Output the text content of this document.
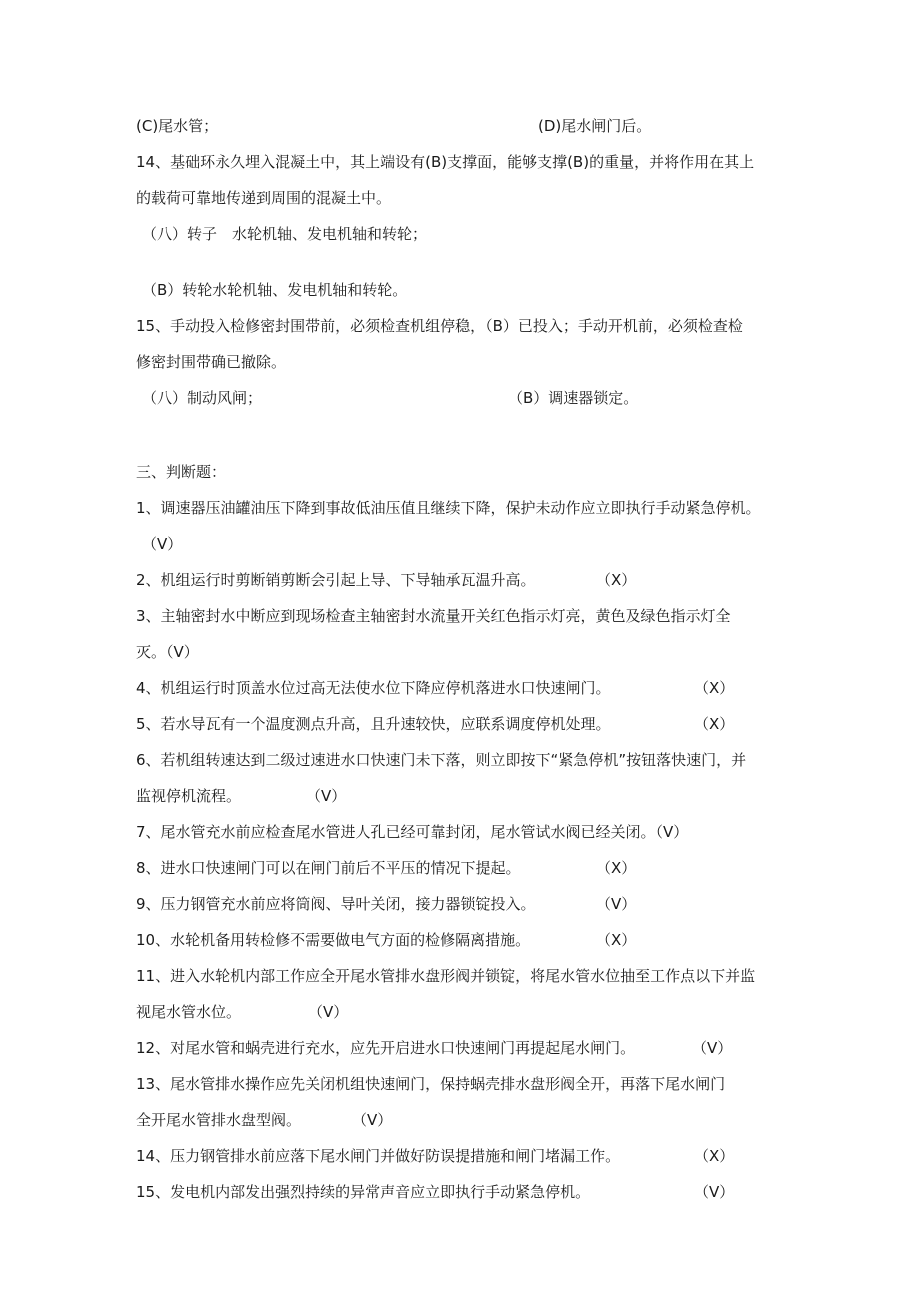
(C)尾水管；	(D)尾水闸门后。
14、基础环永久埋入混凝土中，其上端设有(B)支撑面，能够支撑(B)的重量，并将作用在其上
的载荷可靠地传递到周围的混凝土中。
（八）转子　水轮机轴、发电机轴和转轮；
（B）转轮水轮机轴、发电机轴和转轮。
15、手动投入检修密封围带前，必须检查机组停稳，（B）已投入；手动开机前，必须检查检
修密封围带确已撤除。
（八）制动风闸；	（B）调速器锁定。
三、判断题：
1、调速器压油罐油压下降到事故低油压值且继续下降，保护未动作应立即执行手动紧急停机。
（V）
2、机组运行时剪断销剪断会引起上导、下导轴承瓦温升高。	（X）
3、主轴密封水中断应到现场检查主轴密封水流量开关红色指示灯亮，黄色及绿色指示灯全
灭。（V）
4、机组运行时顶盖水位过高无法使水位下降应停机落进水口快速闸门。	（X）
5、若水导瓦有一个温度测点升高，且升速较快，应联系调度停机处理。	（X）
6、若机组转速达到二级过速进水口快速门未下落，则立即按下“紧急停机”按钮落快速门，并
监视停机流程。	（V）
7、尾水管充水前应检查尾水管进人孔已经可靠封闭，尾水管试水阀已经关闭。（V）
8、进水口快速闸门可以在闸门前后不平压的情况下提起。	（X）
9、压力钢管充水前应将筒阀、导叶关闭，接力器锁锭投入。	（V）
10、水轮机备用转检修不需要做电气方面的检修隔离措施。	（X）
11、进入水轮机内部工作应全开尾水管排水盘形阀并锁锭，将尾水管水位抽至工作点以下并监
视尾水管水位。	（V）
12、对尾水管和蜗壳进行充水，应先开启进水口快速闸门再提起尾水闸门。	（V）
13、尾水管排水操作应先关闭机组快速闸门，保持蜗壳排水盘形阀全开，再落下尾水闸门
全开尾水管排水盘型阀。	（V）
14、压力钢管排水前应落下尾水闸门并做好防误提措施和闸门堵漏工作。	（X）
15、发电机内部发出强烈持续的异常声音应立即执行手动紧急停机。	（V）
